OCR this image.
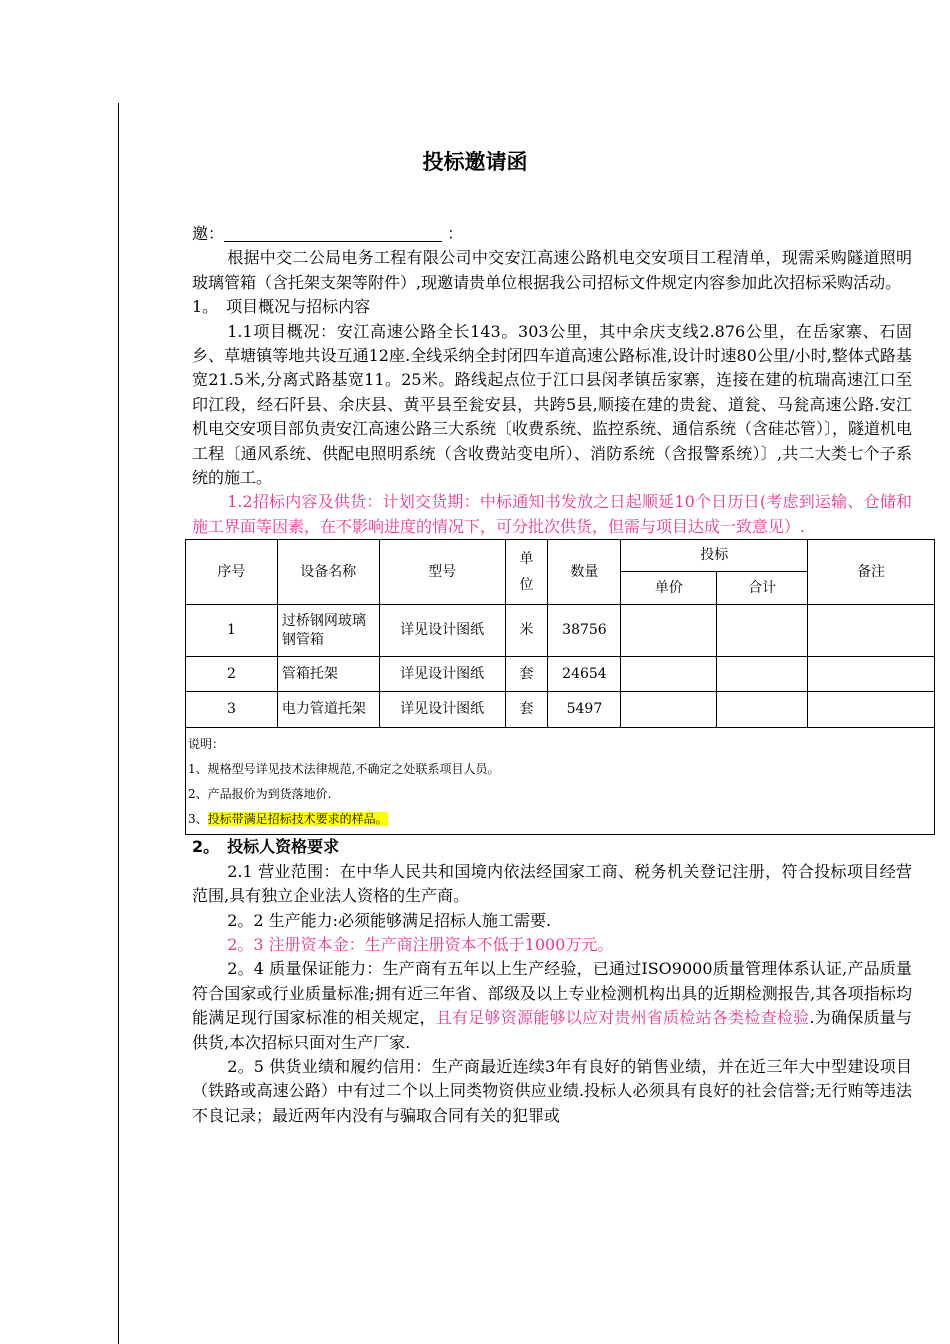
投标邀请函

邀：	：

根据中交二公局电务工程有限公司中交安江高速公路机电交安项目工程清单，现需采购隧道照明玻璃管箱（含托架支架等附件）,现邀请贵单位根据我公司招标文件规定内容参加此次招标采购活动。

1。　项目概况与招标内容

1.1项目概况：安江高速公路全长143。303公里，其中余庆支线2.876公里，在岳家寨、石固乡、草塘镇等地共设互通12座.全线采纳全封闭四车道高速公路标准,设计时速80公里/小时,整体式路基宽21.5米,分离式路基宽11。25米。路线起点位于江口县闵孝镇岳家寨，连接在建的杭瑞高速江口至印江段，经石阡县、余庆县、黄平县至瓮安县，共跨5县,顺接在建的贵瓮、道瓮、马瓮高速公路.安江机电交安项目部负责安江高速公路三大系统〔收费系统、监控系统、通信系统（含硅芯管）〕，隧道机电工程〔通风系统、供配电照明系统（含收费站变电所）、消防系统（含报警系统）〕,共二大类七个子系统的施工。

1.2招标内容及供货：计划交货期：中标通知书发放之日起顺延10个日历日(考虑到运输、仓储和施工界面等因素，在不影响进度的情况下，可分批次供货，但需与项目达成一致意见）.

序号	设备名称	型号	单
位	数量	投标		备注
					单价	合计	
1	过桥钢网玻璃钢管箱	详见设计图纸	米	38756			
2	管箱托架	详见设计图纸	套	24654			
3	电力管道托架	详见设计图纸	套	5497			
说明：
1、规格型号详见技术法律规范,不确定之处联系项目人员。
2、产品报价为到货落地价.
3、投标带满足招标技术要求的样品。

2。　投标人资格要求

2.1 营业范围：在中华人民共和国境内依法经国家工商、税务机关登记注册，符合投标项目经营范围,具有独立企业法人资格的生产商。

2。2 生产能力:必须能够满足招标人施工需要.

2。3 注册资本金：生产商注册资本不低于1000万元。

2。4 质量保证能力：生产商有五年以上生产经验，已通过ISO9000质量管理体系认证,产品质量符合国家或行业质量标准;拥有近三年省、部级及以上专业检测机构出具的近期检测报告,其各项指标均能满足现行国家标准的相关规定，且有足够资源能够以应对贵州省质检站各类检查检验.为确保质量与供货,本次招标只面对生产厂家.

2。5 供货业绩和履约信用：生产商最近连续3年有良好的销售业绩，并在近三年大中型建设项目（铁路或高速公路）中有过二个以上同类物资供应业绩.投标人必须具有良好的社会信誉;无行贿等违法不良记录；最近两年内没有与骗取合同有关的犯罪或
